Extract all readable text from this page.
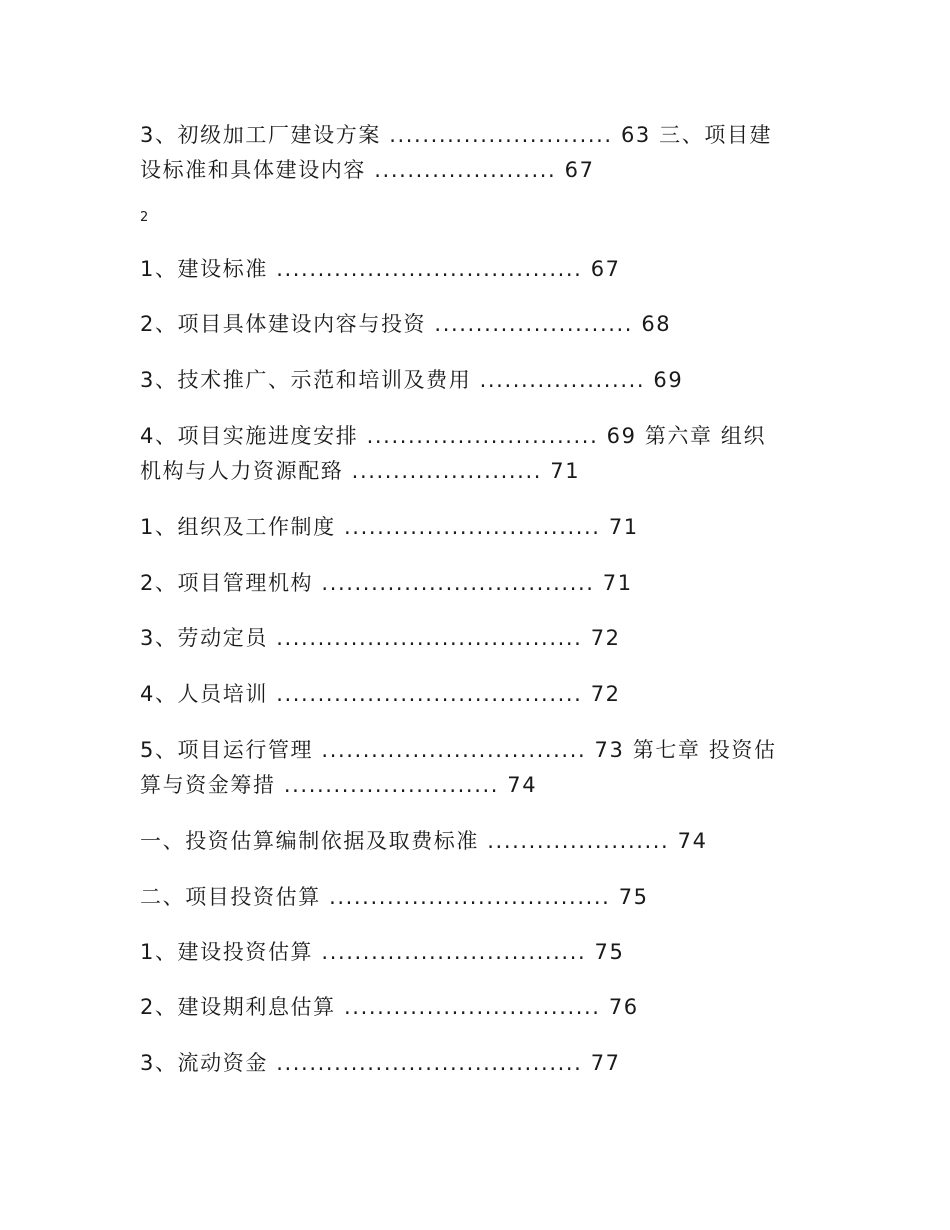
3、初级加工厂建设方案 ........................... 63 三、项目建
设标准和具体建设内容 ...................... 67
2
1、建设标准 ..................................... 67
2、项目具体建设内容与投资 ........................ 68
3、技术推广、示范和培训及费用 .................... 69
4、项目实施进度安排 ............................ 69 第六章 组织
机构与人力资源配臵 ....................... 71
1、组织及工作制度 ............................... 71
2、项目管理机构 ................................. 71
3、劳动定员 ..................................... 72
4、人员培训 ..................................... 72
5、项目运行管理 ................................ 73 第七章 投资估
算与资金筹措 .......................... 74
一、投资估算编制依据及取费标准 ...................... 74
二、项目投资估算 .................................. 75
1、建设投资估算 ................................ 75
2、建设期利息估算 ............................... 76
3、流动资金 ..................................... 77
